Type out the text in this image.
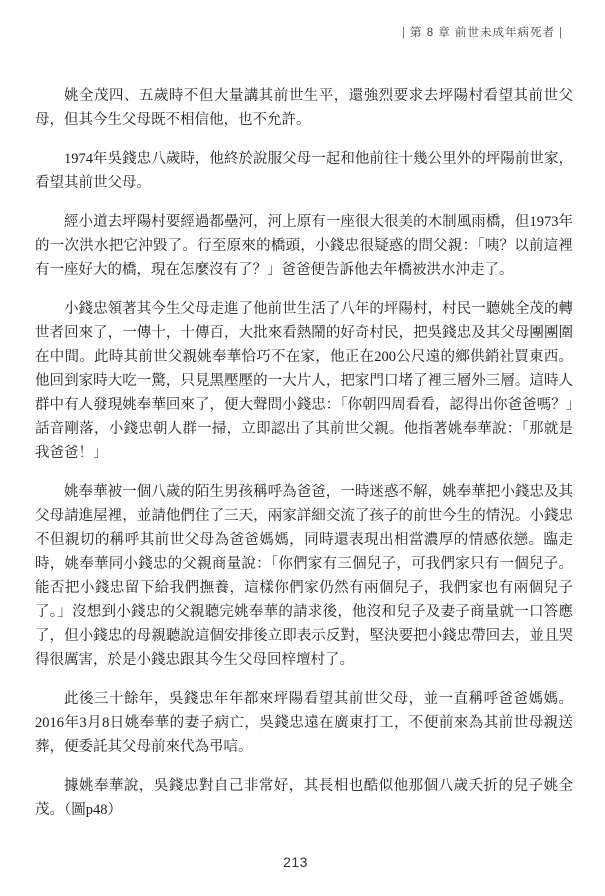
| 第 8 章 前世未成年病死者 |

姚全茂四、五歲時不但大量講其前世生平，還強烈要求去坪陽村看望其前世父母，但其今生父母既不相信他，也不允許。

1974年吳錢忠八歲時，他終於說服父母一起和他前往十幾公里外的坪陽前世家，看望其前世父母。

經小道去坪陽村要經過都壘河，河上原有一座很大很美的木制風雨橋，但1973年的一次洪水把它沖毀了。行至原來的橋頭，小錢忠很疑惑的問父親：「咦？以前這裡有一座好大的橋，現在怎麼沒有了？」爸爸便告訴他去年橋被洪水沖走了。

小錢忠領著其今生父母走進了他前世生活了八年的坪陽村，村民一聽姚全茂的轉世者回來了，一傳十，十傳百，大批來看熱鬧的好奇村民，把吳錢忠及其父母團團圍在中間。此時其前世父親姚奉華恰巧不在家，他正在200公尺遠的鄉供銷社買東西。他回到家時大吃一驚，只見黑壓壓的一大片人，把家門口堵了裡三層外三層。這時人群中有人發現姚奉華回來了，便大聲問小錢忠：「你朝四周看看，認得出你爸爸嗎？」話音剛落，小錢忠朝人群一掃，立即認出了其前世父親。他指著姚奉華說：「那就是我爸爸！」

姚奉華被一個八歲的陌生男孩稱呼為爸爸，一時迷惑不解，姚奉華把小錢忠及其父母請進屋裡，並請他們住了三天，兩家詳細交流了孩子的前世今生的情況。小錢忠不但親切的稱呼其前世父母為爸爸媽媽，同時還表現出相當濃厚的情感依戀。臨走時，姚奉華同小錢忠的父親商量說：「你們家有三個兒子，可我們家只有一個兒子。能否把小錢忠留下給我們撫養，這樣你們家仍然有兩個兒子，我們家也有兩個兒子了。」沒想到小錢忠的父親聽完姚奉華的請求後，他沒和兒子及妻子商量就一口答應了，但小錢忠的母親聽說這個安排後立即表示反對，堅決要把小錢忠帶回去，並且哭得很厲害，於是小錢忠跟其今生父母回梓壇村了。

此後三十餘年，吳錢忠年年都來坪陽看望其前世父母，並一直稱呼爸爸媽媽。2016年3月8日姚奉華的妻子病亡，吳錢忠遠在廣東打工，不便前來為其前世母親送葬，便委託其父母前來代為弔唁。

據姚奉華說，吳錢忠對自己非常好，其長相也酷似他那個八歲夭折的兒子姚全茂。（圖p48）

213
